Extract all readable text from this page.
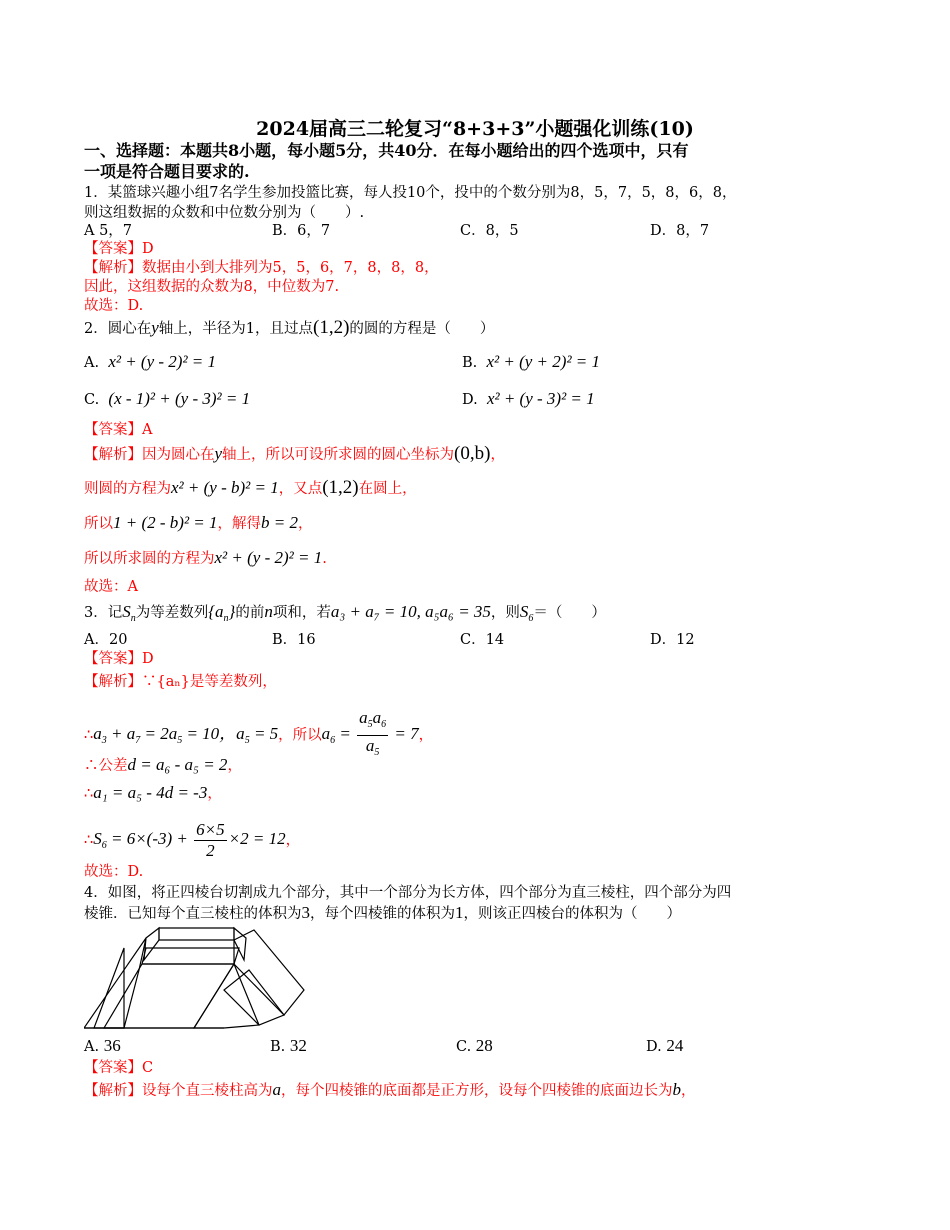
2024届高三二轮复习“8+3+3”小题强化训练(10)
一、选择题：本题共8小题，每小题5分，共40分．在每小题给出的四个选项中，只有
一项是符合题目要求的.
1．某篮球兴趣小组7名学生参加投篮比赛，每人投10个，投中的个数分别为8，5，7，5，8，6，8，
则这组数据的众数和中位数分别为（　　）.
A 5，7	B．6，7	C．8，5	D．8，7
【答案】D
【解析】数据由小到大排列为5，5，6，7，8，8，8，
因此，这组数据的众数为8，中位数为7.
故选：D.
2．圆心在y轴上，半径为1，且过点(1,2)的圆的方程是（　　）
A. x² + (y - 2)² = 1	B. x² + (y + 2)² = 1
C. (x - 1)² + (y - 3)² = 1	D. x² + (y - 3)² = 1
【答案】A
【解析】因为圆心在y轴上，所以可设所求圆的圆心坐标为(0,b)，
则圆的方程为x² + (y - b)² = 1，又点(1,2)在圆上，
所以1 + (2 - b)² = 1，解得b = 2，
所以所求圆的方程为x² + (y - 2)² = 1.
故选：A
3．记$S_n$为等差数列$\{a_n\}$的前n项和，若a₃ + a₇ = 10, a₅a₆ = 35，则$S_6=$（　　）
A．20	B．16	C．14	D．12
【答案】D
【解析】∵{aₙ}是等差数列，
$\therefore a_3 + a_7 = 2a_5 = 10$，$a_5 = 5$，所以$a_6 = \frac{a_5a_6}{a_5} = 7$，
∴公差d = a₆ - a₅ = 2，
∴a₁ = a₅ - 4d = -3，
$\therefore S_6 = 6\times(-3) + \frac{6\times 5}{2} \times 2 = 12$，
故选：D.
4．如图，将正四棱台切割成九个部分，其中一个部分为长方体，四个部分为直三棱柱，四个部分为四
棱锥．已知每个直三棱柱的体积为3，每个四棱锥的体积为1，则该正四棱台的体积为（　　）
A. 36	B. 32	C. 28	D. 24
【答案】C
【解析】设每个直三棱柱高为a，每个四棱锥的底面都是正方形，设每个四棱锥的底面边长为b，
